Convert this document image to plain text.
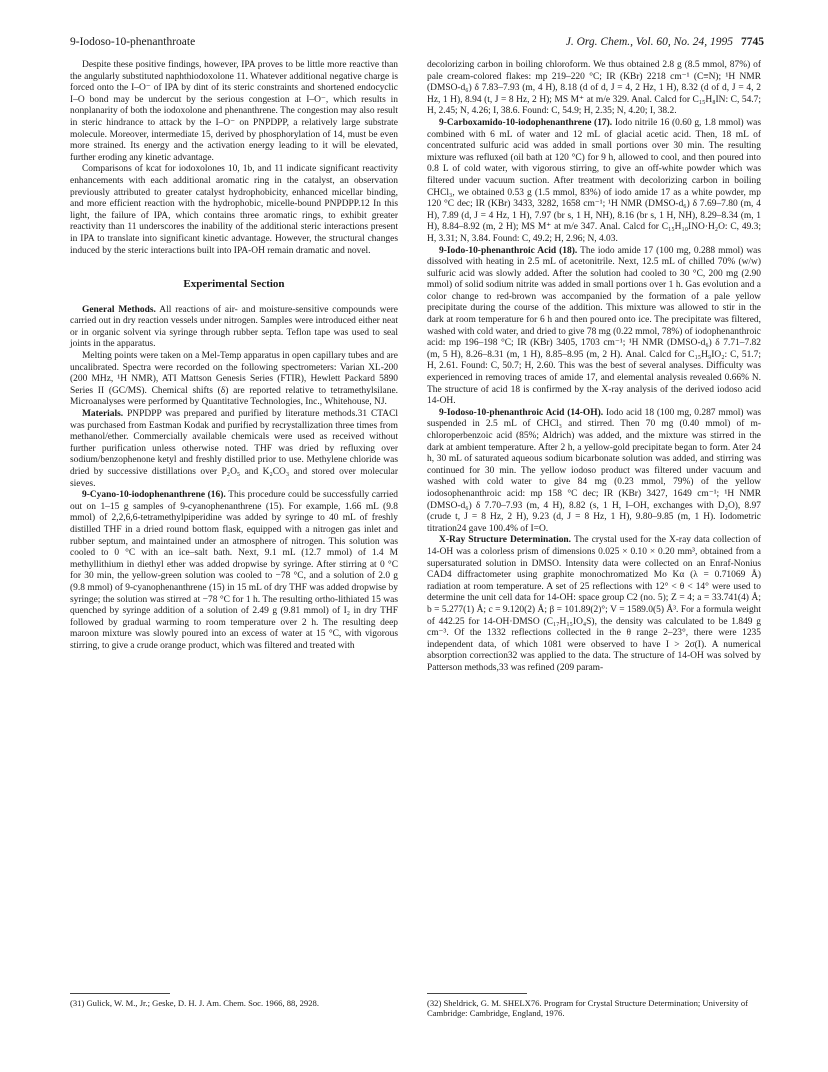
9-Iodoso-10-phenanthroate	J. Org. Chem., Vol. 60, No. 24, 1995 7745

Despite these positive findings, however, IPA proves to be little more reactive than the angularly substituted naphthiodoxolone 11. Whatever additional negative charge is forced onto the I–O⁻ of IPA by dint of its steric constraints and shortened endocyclic I–O bond may be undercut by the serious congestion at I–O⁻, which results in nonplanarity of both the iodoxolone and phenanthrene. The congestion may also result in steric hindrance to attack by the I–O⁻ on PNPDPP, a relatively large substrate molecule. Moreover, intermediate 15, derived by phosphorylation of 14, must be even more strained. Its energy and the activation energy leading to it will be elevated, further eroding any kinetic advantage.

Comparisons of kcat for iodoxolones 10, 1b, and 11 indicate significant reactivity enhancements with each additional aromatic ring in the catalyst, an observation previously attributed to greater catalyst hydrophobicity, enhanced micellar binding, and more efficient reaction with the hydrophobic, micelle-bound PNPDPP.12 In this light, the failure of IPA, which contains three aromatic rings, to exhibit greater reactivity than 11 underscores the inability of the additional steric interactions present in IPA to translate into significant kinetic advantage. However, the structural changes induced by the steric interactions built into IPA-OH remain dramatic and novel.

Experimental Section

General Methods. All reactions of air- and moisture-sensitive compounds were carried out in dry reaction vessels under nitrogen. Samples were introduced either neat or in organic solvent via syringe through rubber septa. Teflon tape was used to seal joints in the apparatus.

Melting points were taken on a Mel-Temp apparatus in open capillary tubes and are uncalibrated. Spectra were recorded on the following spectrometers: Varian XL-200 (200 MHz, ¹H NMR), ATI Mattson Genesis Series (FTIR), Hewlett Packard 5890 Series II (GC/MS). Chemical shifts (δ) are reported relative to tetramethylsilane. Microanalyses were performed by Quantitative Technologies, Inc., Whitehouse, NJ.

Materials. PNPDPP was prepared and purified by literature methods.31 CTACl was purchased from Eastman Kodak and purified by recrystallization three times from methanol/ether. Commercially available chemicals were used as received without further purification unless otherwise noted. THF was dried by refluxing over sodium/benzophenone ketyl and freshly distilled prior to use. Methylene chloride was dried by successive distillations over P₂O₅ and K₂CO₃ and stored over molecular sieves.

9-Cyano-10-iodophenanthrene (16). This procedure could be successfully carried out on 1–15 g samples of 9-cyanophenanthrene (15). For example, 1.66 mL (9.8 mmol) of 2,2,6,6-tetramethylpiperidine was added by syringe to 40 mL of freshly distilled THF in a dried round bottom flask, equipped with a nitrogen gas inlet and rubber septum, and maintained under an atmosphere of nitrogen. This solution was cooled to 0 °C with an ice–salt bath. Next, 9.1 mL (12.7 mmol) of 1.4 M methyllithium in diethyl ether was added dropwise by syringe. After stirring at 0 °C for 30 min, the yellow-green solution was cooled to −78 °C, and a solution of 2.0 g (9.8 mmol) of 9-cyanophenanthrene (15) in 15 mL of dry THF was added dropwise by syringe; the solution was stirred at −78 °C for 1 h. The resulting ortho-lithiated 15 was quenched by syringe addition of a solution of 2.49 g (9.81 mmol) of I₂ in dry THF followed by gradual warming to room temperature over 2 h. The resulting deep maroon mixture was slowly poured into an excess of water at 15 °C, with vigorous stirring, to give a crude orange product, which was filtered and treated with

decolorizing carbon in boiling chloroform. We thus obtained 2.8 g (8.5 mmol, 87%) of pale cream-colored flakes: mp 219–220 °C; IR (KBr) 2218 cm⁻¹ (C≡N); ¹H NMR (DMSO-d₆) δ 7.83–7.93 (m, 4 H), 8.18 (d of d, J = 4, 2 Hz, 1 H), 8.32 (d of d, J = 4, 2 Hz, 1 H), 8.94 (t, J = 8 Hz, 2 H); MS M⁺ at m/e 329. Anal. Calcd for C₁₅H₈IN: C, 54.7; H, 2.45; N, 4.26; I, 38.6. Found: C, 54.9; H, 2.35; N, 4.20; I, 38.2.

9-Carboxamido-10-iodophenanthrene (17). Iodo nitrile 16 (0.60 g, 1.8 mmol) was combined with 6 mL of water and 12 mL of glacial acetic acid. Then, 18 mL of concentrated sulfuric acid was added in small portions over 30 min. The resulting mixture was refluxed (oil bath at 120 °C) for 9 h, allowed to cool, and then poured into 0.8 L of cold water, with vigorous stirring, to give an off-white powder which was filtered under vacuum suction. After treatment with decolorizing carbon in boiling CHCl₃, we obtained 0.53 g (1.5 mmol, 83%) of iodo amide 17 as a white powder, mp 120 °C dec; IR (KBr) 3433, 3282, 1658 cm⁻¹; ¹H NMR (DMSO-d₆) δ 7.69–7.80 (m, 4 H), 7.89 (d, J = 4 Hz, 1 H), 7.97 (br s, 1 H, NH), 8.16 (br s, 1 H, NH), 8.29–8.34 (m, 1 H), 8.84–8.92 (m, 2 H); MS M⁺ at m/e 347. Anal. Calcd for C₁₅H₁₀INO·H₂O: C, 49.3; H, 3.31; N, 3.84. Found: C, 49.2; H, 2.96; N, 4.03.

9-Iodo-10-phenanthroic Acid (18). The iodo amide 17 (100 mg, 0.288 mmol) was dissolved with heating in 2.5 mL of acetonitrile. Next, 12.5 mL of chilled 70% (w/w) sulfuric acid was slowly added. After the solution had cooled to 30 °C, 200 mg (2.90 mmol) of solid sodium nitrite was added in small portions over 1 h. Gas evolution and a color change to red-brown was accompanied by the formation of a pale yellow precipitate during the course of the addition. This mixture was allowed to stir in the dark at room temperature for 6 h and then poured onto ice. The precipitate was filtered, washed with cold water, and dried to give 78 mg (0.22 mmol, 78%) of iodophenanthroic acid: mp 196–198 °C; IR (KBr) 3405, 1703 cm⁻¹; ¹H NMR (DMSO-d₆) δ 7.71–7.82 (m, 5 H), 8.26–8.31 (m, 1 H), 8.85–8.95 (m, 2 H). Anal. Calcd for C₁₅H₉IO₂: C, 51.7; H, 2.61. Found: C, 50.7; H, 2.60. This was the best of several analyses. Difficulty was experienced in removing traces of amide 17, and elemental analysis revealed 0.66% N. The structure of acid 18 is confirmed by the X-ray analysis of the derived iodoso acid 14-OH.

9-Iodoso-10-phenanthroic Acid (14-OH). Iodo acid 18 (100 mg, 0.287 mmol) was suspended in 2.5 mL of CHCl₃ and stirred. Then 70 mg (0.40 mmol) of m-chloroperbenzoic acid (85%; Aldrich) was added, and the mixture was stirred in the dark at ambient temperature. After 2 h, a yellow-gold precipitate began to form. Ater 24 h, 30 mL of saturated aqueous sodium bicarbonate solution was added, and stirring was continued for 30 min. The yellow iodoso product was filtered under vacuum and washed with cold water to give 84 mg (0.23 mmol, 79%) of the yellow iodosophenanthroic acid: mp 158 °C dec; IR (KBr) 3427, 1649 cm⁻¹; ¹H NMR (DMSO-d₆) δ 7.70–7.93 (m, 4 H), 8.82 (s, 1 H, I–OH, exchanges with D₂O), 8.97 (crude t, J = 8 Hz, 2 H), 9.23 (d, J = 8 Hz, 1 H), 9.80–9.85 (m, 1 H). Iodometric titration24 gave 100.4% of I=O.

X-Ray Structure Determination. The crystal used for the X-ray data collection of 14-OH was a colorless prism of dimensions 0.025 × 0.10 × 0.20 mm³, obtained from a supersaturated solution in DMSO. Intensity data were collected on an Enraf-Nonius CAD4 diffractometer using graphite monochromatized Mo Kα (λ = 0.71069 Å) radiation at room temperature. A set of 25 reflections with 12° < θ < 14° were used to determine the unit cell data for 14-OH: space group C2 (no. 5); Z = 4; a = 33.741(4) Å; b = 5.277(1) Å; c = 9.120(2) Å; β = 101.89(2)°; V = 1589.0(5) Å³. For a formula weight of 442.25 for 14-OH·DMSO (C₁₇H₁₅IO₄S), the density was calculated to be 1.849 g cm⁻³. Of the 1332 reflections collected in the θ range 2–23°, there were 1235 independent data, of which 1081 were observed to have I > 2σ(I). A numerical absorption correction32 was applied to the data. The structure of 14-OH was solved by Patterson methods,33 was refined (209 param-

(31) Gulick, W. M., Jr.; Geske, D. H. J. Am. Chem. Soc. 1966, 88, 2928.	(32) Sheldrick, G. M. SHELX76. Program for Crystal Structure Determination; University of Cambridge: Cambridge, England, 1976.
